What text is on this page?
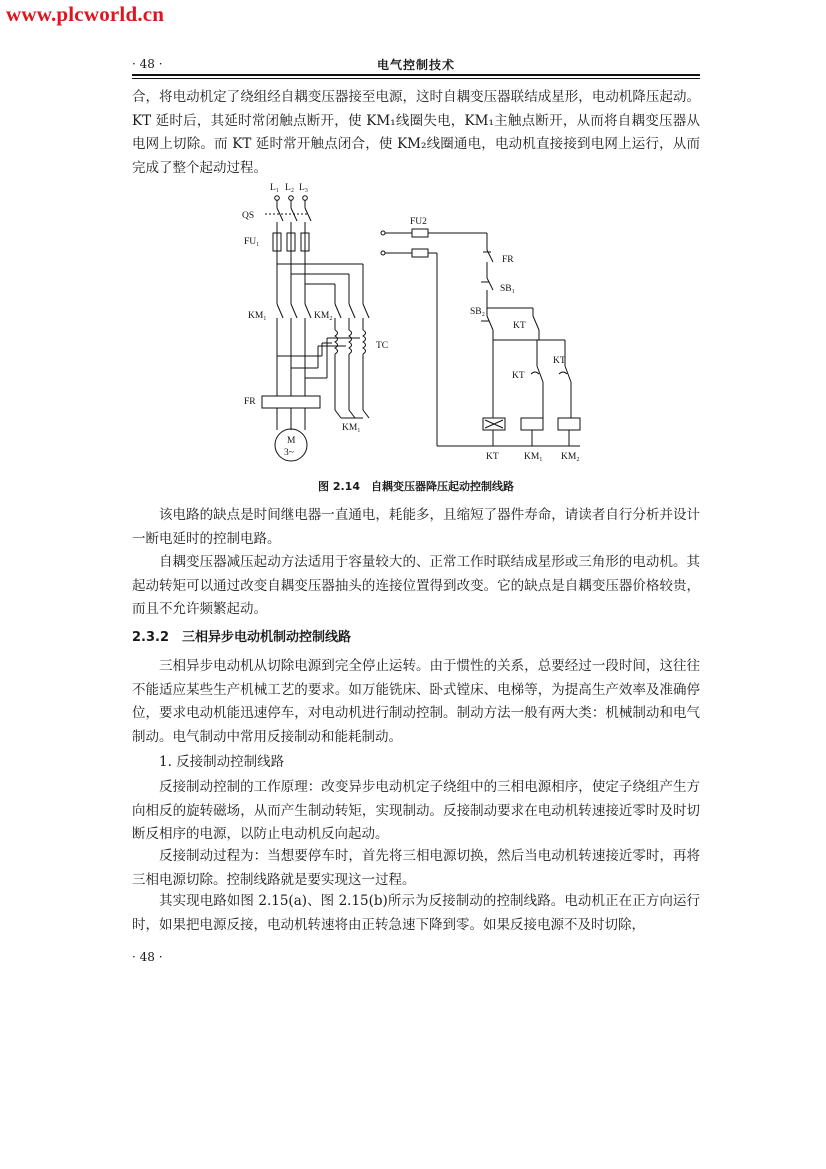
www.plcworld.cn
· 48 ·	电气控制技术

合，将电动机定了绕组经自耦变压器接至电源，这时自耦变压器联结成星形，电动机降压起动。KT 延时后，其延时常闭触点断开，使 KM₁线圈失电，KM₁主触点断开，从而将自耦变压器从电网上切除。而 KT 延时常开触点闭合，使 KM₂线圈通电，电动机直接接到电网上运行，从而完成了整个起动过程。

L₁ L₂ L₃
QS
FU₁
KM₁	KM₂
TC
FR
M
3~
KM₁
FU2
FR
SB₁
SB₂
KT
KT
KT
KT	KM₁ KM₂
图 2.14　自耦变压器降压起动控制线路

该电路的缺点是时间继电器一直通电，耗能多，且缩短了器件寿命，请读者自行分析并设计一断电延时的控制电路。

自耦变压器减压起动方法适用于容量较大的、正常工作时联结成星形或三角形的电动机。其起动转矩可以通过改变自耦变压器抽头的连接位置得到改变。它的缺点是自耦变压器价格较贵，而且不允许频繁起动。

2.3.2　 三相异步电动机制动控制线路

三相异步电动机从切除电源到完全停止运转。由于惯性的关系，总要经过一段时间，这往往不能适应某些生产机械工艺的要求。如万能铣床、卧式镗床、电梯等，为提高生产效率及准确停位，要求电动机能迅速停车，对电动机进行制动控制。制动方法一般有两大类：机械制动和电气制动。电气制动中常用反接制动和能耗制动。

1. 反接制动控制线路

反接制动控制的工作原理：改变异步电动机定子绕组中的三相电源相序，使定子绕组产生方向相反的旋转磁场，从而产生制动转矩，实现制动。反接制动要求在电动机转速接近零时及时切断反相序的电源，以防止电动机反向起动。

反接制动过程为：当想要停车时，首先将三相电源切换，然后当电动机转速接近零时，再将三相电源切除。控制线路就是要实现这一过程。

其实现电路如图 2.15(a)、图 2.15(b)所示为反接制动的控制线路。电动机正在正方向运行时，如果把电源反接，电动机转速将由正转急速下降到零。如果反接电源不及时切除，

· 48 ·
